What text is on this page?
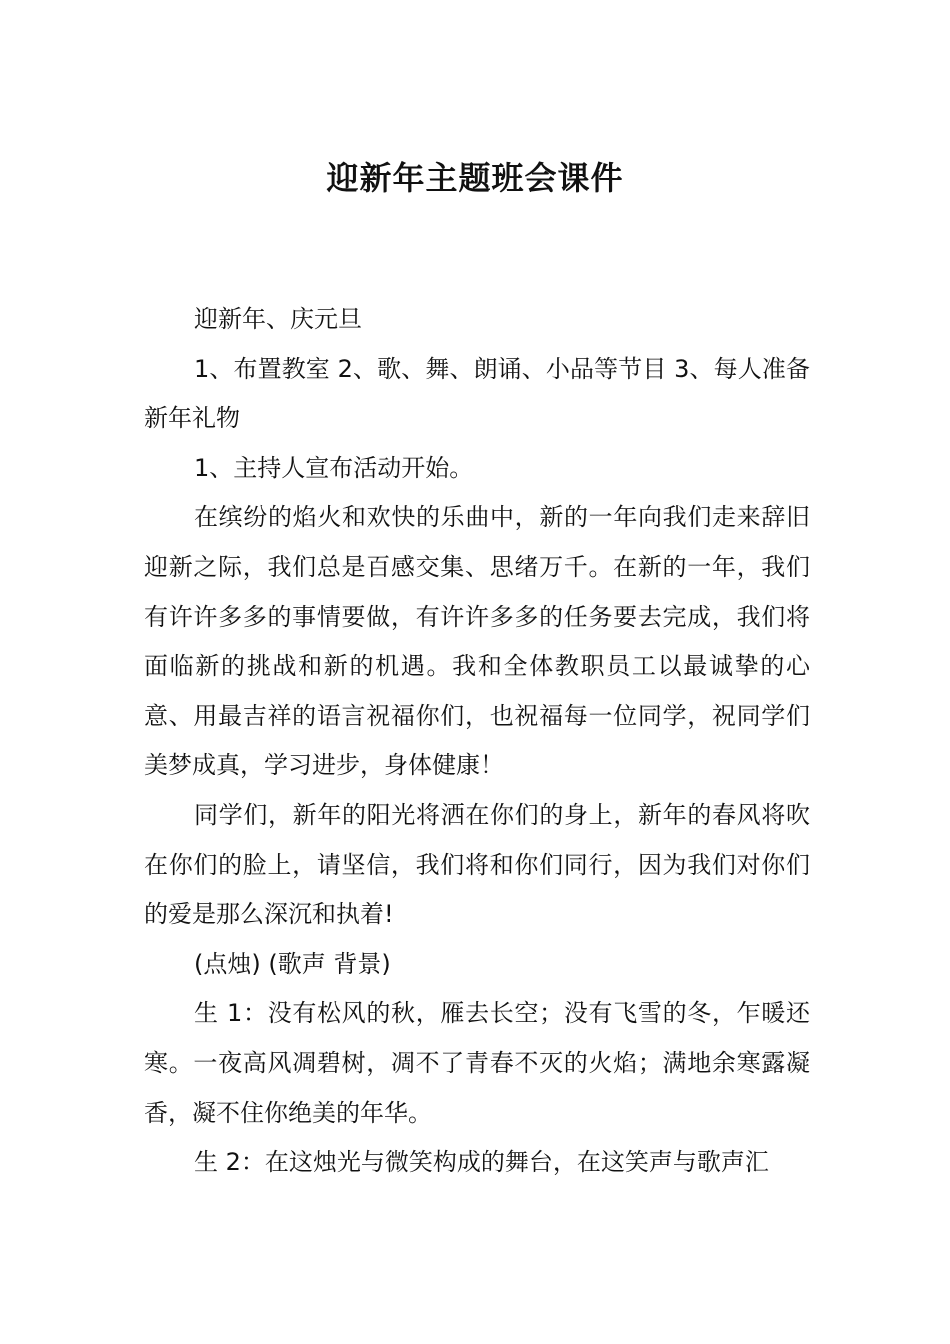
迎新年主题班会课件

迎新年、庆元旦

1、布置教室 2、歌、舞、朗诵、小品等节目 3、每人准备新年礼物

1、主持人宣布活动开始。

在缤纷的焰火和欢快的乐曲中，新的一年向我们走来辞旧迎新之际，我们总是百感交集、思绪万千。在新的一年，我们有许许多多的事情要做，有许许多多的任务要去完成，我们将面临新的挑战和新的机遇。我和全体教职员工以最诚挚的心意、用最吉祥的语言祝福你们，也祝福每一位同学，祝同学们美梦成真，学习进步，身体健康！

同学们，新年的阳光将洒在你们的身上，新年的春风将吹在你们的脸上，请坚信，我们将和你们同行，因为我们对你们的爱是那么深沉和执着!

(点烛) (歌声 背景)

生 1：没有松风的秋，雁去长空；没有飞雪的冬，乍暖还寒。一夜高风凋碧树，凋不了青春不灭的火焰；满地余寒露凝香，凝不住你绝美的年华。

生 2：在这烛光与微笑构成的舞台，在这笑声与歌声汇
